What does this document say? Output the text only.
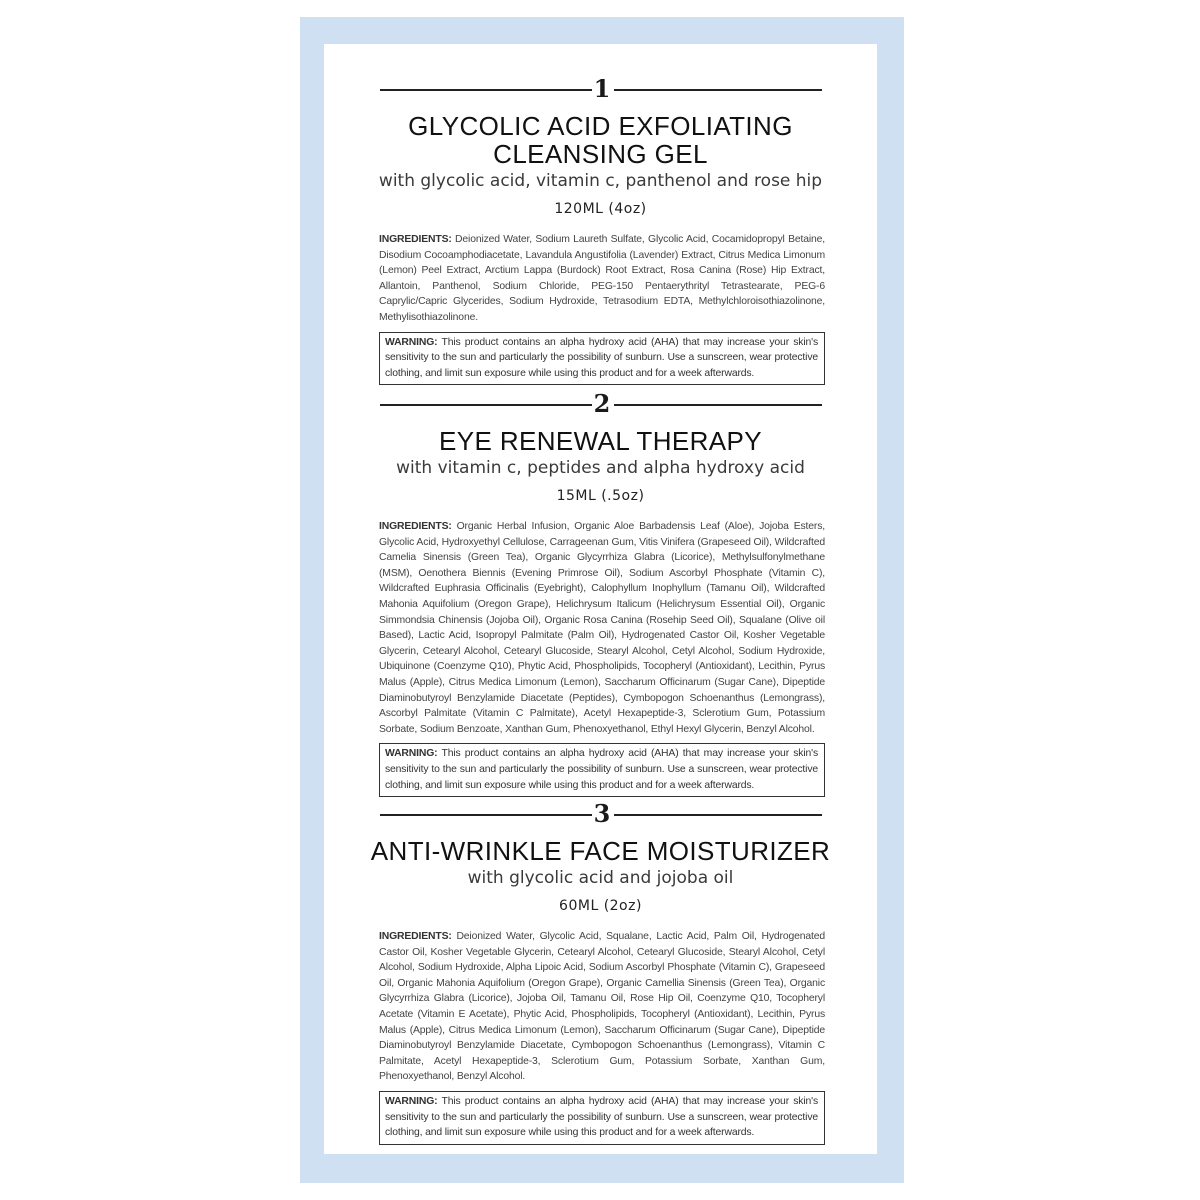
1
GLYCOLIC ACID EXFOLIATING
CLEANSING GEL
with glycolic acid, vitamin c, panthenol and rose hip
120ML (4oz)
INGREDIENTS: Deionized Water, Sodium Laureth Sulfate, Glycolic Acid, Cocamidopropyl Betaine, Disodium Cocoamphodiacetate, Lavandula Angustifolia (Lavender) Extract, Citrus Medica Limonum (Lemon) Peel Extract, Arctium Lappa (Burdock) Root Extract, Rosa Canina (Rose) Hip Extract, Allantoin, Panthenol, Sodium Chloride, PEG-150 Pentaerythrityl Tetrastearate, PEG-6 Caprylic/Capric Glycerides, Sodium Hydroxide, Tetrasodium EDTA, Methylchloroisothiazolinone, Methylisothiazolinone.
WARNING: This product contains an alpha hydroxy acid (AHA) that may increase your skin's sensitivity to the sun and particularly the possibility of sunburn. Use a sunscreen, wear protective clothing, and limit sun exposure while using this product and for a week afterwards.
2
EYE RENEWAL THERAPY
with vitamin c, peptides and alpha hydroxy acid
15ML (.5oz)
INGREDIENTS: Organic Herbal Infusion, Organic Aloe Barbadensis Leaf (Aloe), Jojoba Esters, Glycolic Acid, Hydroxyethyl Cellulose, Carrageenan Gum, Vitis Vinifera (Grapeseed Oil), Wildcrafted Camelia Sinensis (Green Tea), Organic Glycyrrhiza Glabra (Licorice), Methylsulfonylmethane (MSM), Oenothera Biennis (Evening Primrose Oil), Sodium Ascorbyl Phosphate (Vitamin C), Wildcrafted Euphrasia Officinalis (Eyebright), Calophyllum Inophyllum (Tamanu Oil), Wildcrafted Mahonia Aquifolium (Oregon Grape), Helichrysum Italicum (Helichrysum Essential Oil), Organic Simmondsia Chinensis (Jojoba Oil), Organic Rosa Canina (Rosehip Seed Oil), Squalane (Olive oil Based), Lactic Acid, Isopropyl Palmitate (Palm Oil), Hydrogenated Castor Oil, Kosher Vegetable Glycerin, Cetearyl Alcohol, Cetearyl Glucoside, Stearyl Alcohol, Cetyl Alcohol, Sodium Hydroxide, Ubiquinone (Coenzyme Q10), Phytic Acid, Phospholipids, Tocopheryl (Antioxidant), Lecithin, Pyrus Malus (Apple), Citrus Medica Limonum (Lemon), Saccharum Officinarum (Sugar Cane), Dipeptide Diaminobutyroyl Benzylamide Diacetate (Peptides), Cymbopogon Schoenanthus (Lemongrass), Ascorbyl Palmitate (Vitamin C Palmitate), Acetyl Hexapeptide-3, Sclerotium Gum, Potassium Sorbate, Sodium Benzoate, Xanthan Gum, Phenoxyethanol, Ethyl Hexyl Glycerin, Benzyl Alcohol.
WARNING: This product contains an alpha hydroxy acid (AHA) that may increase your skin's sensitivity to the sun and particularly the possibility of sunburn. Use a sunscreen, wear protective clothing, and limit sun exposure while using this product and for a week afterwards.
3
ANTI-WRINKLE FACE MOISTURIZER
with glycolic acid and jojoba oil
60ML (2oz)
INGREDIENTS: Deionized Water, Glycolic Acid, Squalane, Lactic Acid, Palm Oil, Hydrogenated Castor Oil, Kosher Vegetable Glycerin, Cetearyl Alcohol, Cetearyl Glucoside, Stearyl Alcohol, Cetyl Alcohol, Sodium Hydroxide, Alpha Lipoic Acid, Sodium Ascorbyl Phosphate (Vitamin C), Grapeseed Oil, Organic Mahonia Aquifolium (Oregon Grape), Organic Camellia Sinensis (Green Tea), Organic Glycyrrhiza Glabra (Licorice), Jojoba Oil, Tamanu Oil, Rose Hip Oil, Coenzyme Q10, Tocopheryl Acetate (Vitamin E Acetate), Phytic Acid, Phospholipids, Tocopheryl (Antioxidant), Lecithin, Pyrus Malus (Apple), Citrus Medica Limonum (Lemon), Saccharum Officinarum (Sugar Cane), Dipeptide Diaminobutyroyl Benzylamide Diacetate, Cymbopogon Schoenanthus (Lemongrass), Vitamin C Palmitate, Acetyl Hexapeptide-3, Sclerotium Gum, Potassium Sorbate, Xanthan Gum, Phenoxyethanol, Benzyl Alcohol.
WARNING: This product contains an alpha hydroxy acid (AHA) that may increase your skin's sensitivity to the sun and particularly the possibility of sunburn. Use a sunscreen, wear protective clothing, and limit sun exposure while using this product and for a week afterwards.
